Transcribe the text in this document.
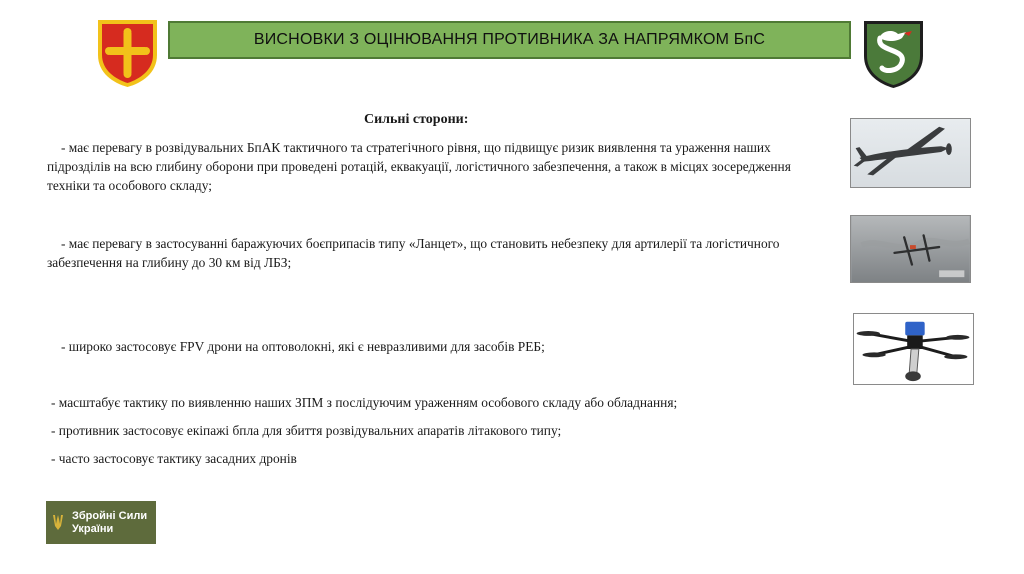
ВИСНОВКИ З ОЦІНЮВАННЯ ПРОТИВНИКА ЗА НАПРЯМКОМ БпС
Сильні сторони:
- має перевагу в розвідувальних БпАК тактичного та стратегічного рівня, що підвищує ризик виявлення та ураження наших підрозділів на всю глибину оборони при проведені ротацій, еквакуації, логістичного забезпечення, а також в місцях зосередження техніки та особового складу;
- має перевагу в застосуванні баражуючих боєприпасів типу «Ланцет», що становить небезпеку для артилерії та логістичного забезпечення на глибину до 30 км від ЛБЗ;
- широко застосовує FPV дрони на оптоволокні, які є невразливими для засобів РЕБ;
- масштабує тактику по виявленню наших ЗПМ з послідуючим ураженням особового складу або обладнання;
- противник застосовує екіпажі бпла для збиття розвідувальних апаратів літакового типу;
- часто застосовує тактику засадних дронів
Збройні Сили
України
